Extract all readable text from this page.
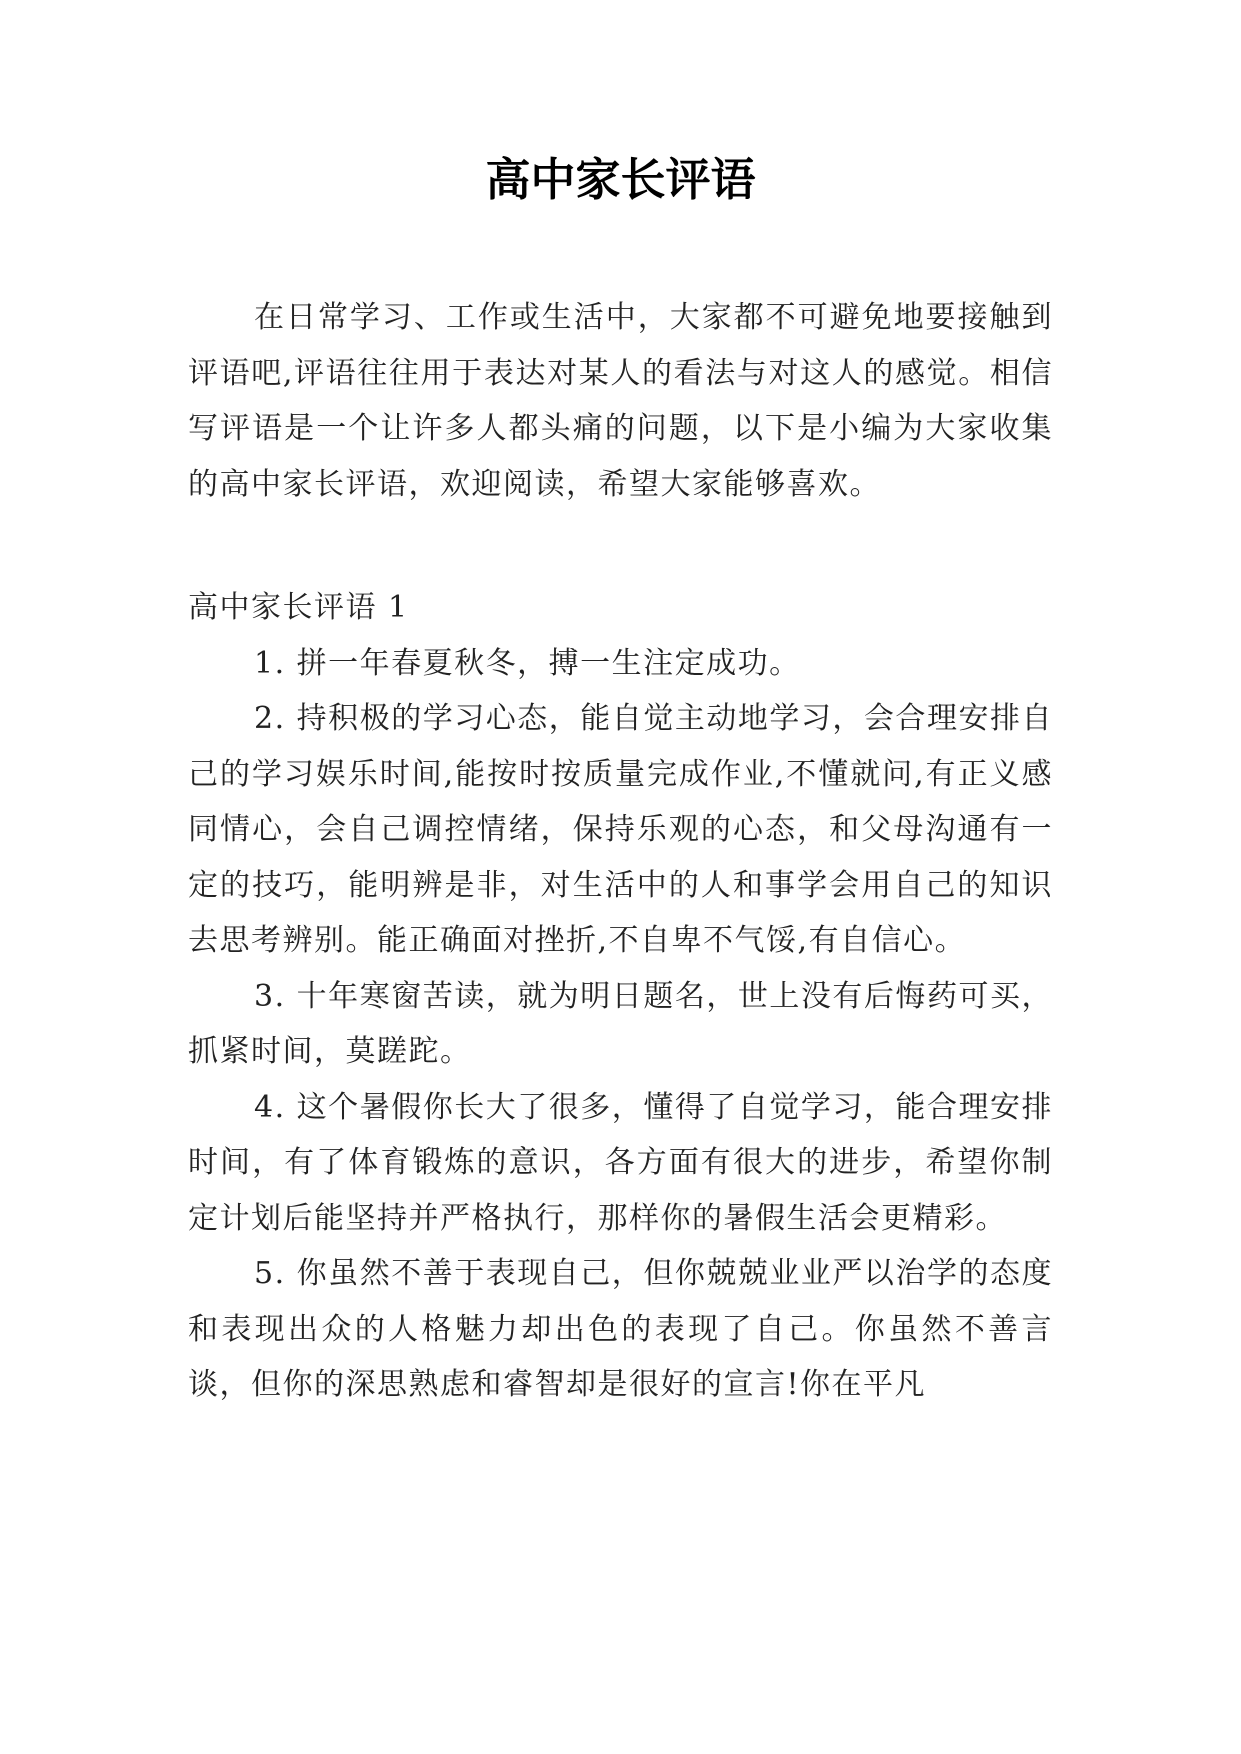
高中家长评语

在日常学习、工作或生活中，大家都不可避免地要接触到评语吧,评语往往用于表达对某人的看法与对这人的感觉。相信写评语是一个让许多人都头痛的问题，以下是小编为大家收集的高中家长评语，欢迎阅读，希望大家能够喜欢。

高中家长评语 1

1. 拼一年春夏秋冬，搏一生注定成功。

2. 持积极的学习心态，能自觉主动地学习，会合理安排自己的学习娱乐时间,能按时按质量完成作业,不懂就问,有正义感同情心，会自己调控情绪，保持乐观的心态，和父母沟通有一定的技巧，能明辨是非，对生活中的人和事学会用自己的知识去思考辨别。能正确面对挫折,不自卑不气馁,有自信心。

3. 十年寒窗苦读，就为明日题名，世上没有后悔药可买，抓紧时间，莫蹉跎。

4. 这个暑假你长大了很多，懂得了自觉学习，能合理安排时间，有了体育锻炼的意识，各方面有很大的进步，希望你制定计划后能坚持并严格执行，那样你的暑假生活会更精彩。

5. 你虽然不善于表现自己，但你兢兢业业严以治学的态度和表现出众的人格魅力却出色的表现了自己。你虽然不善言谈，但你的深思熟虑和睿智却是很好的宣言!你在平凡
